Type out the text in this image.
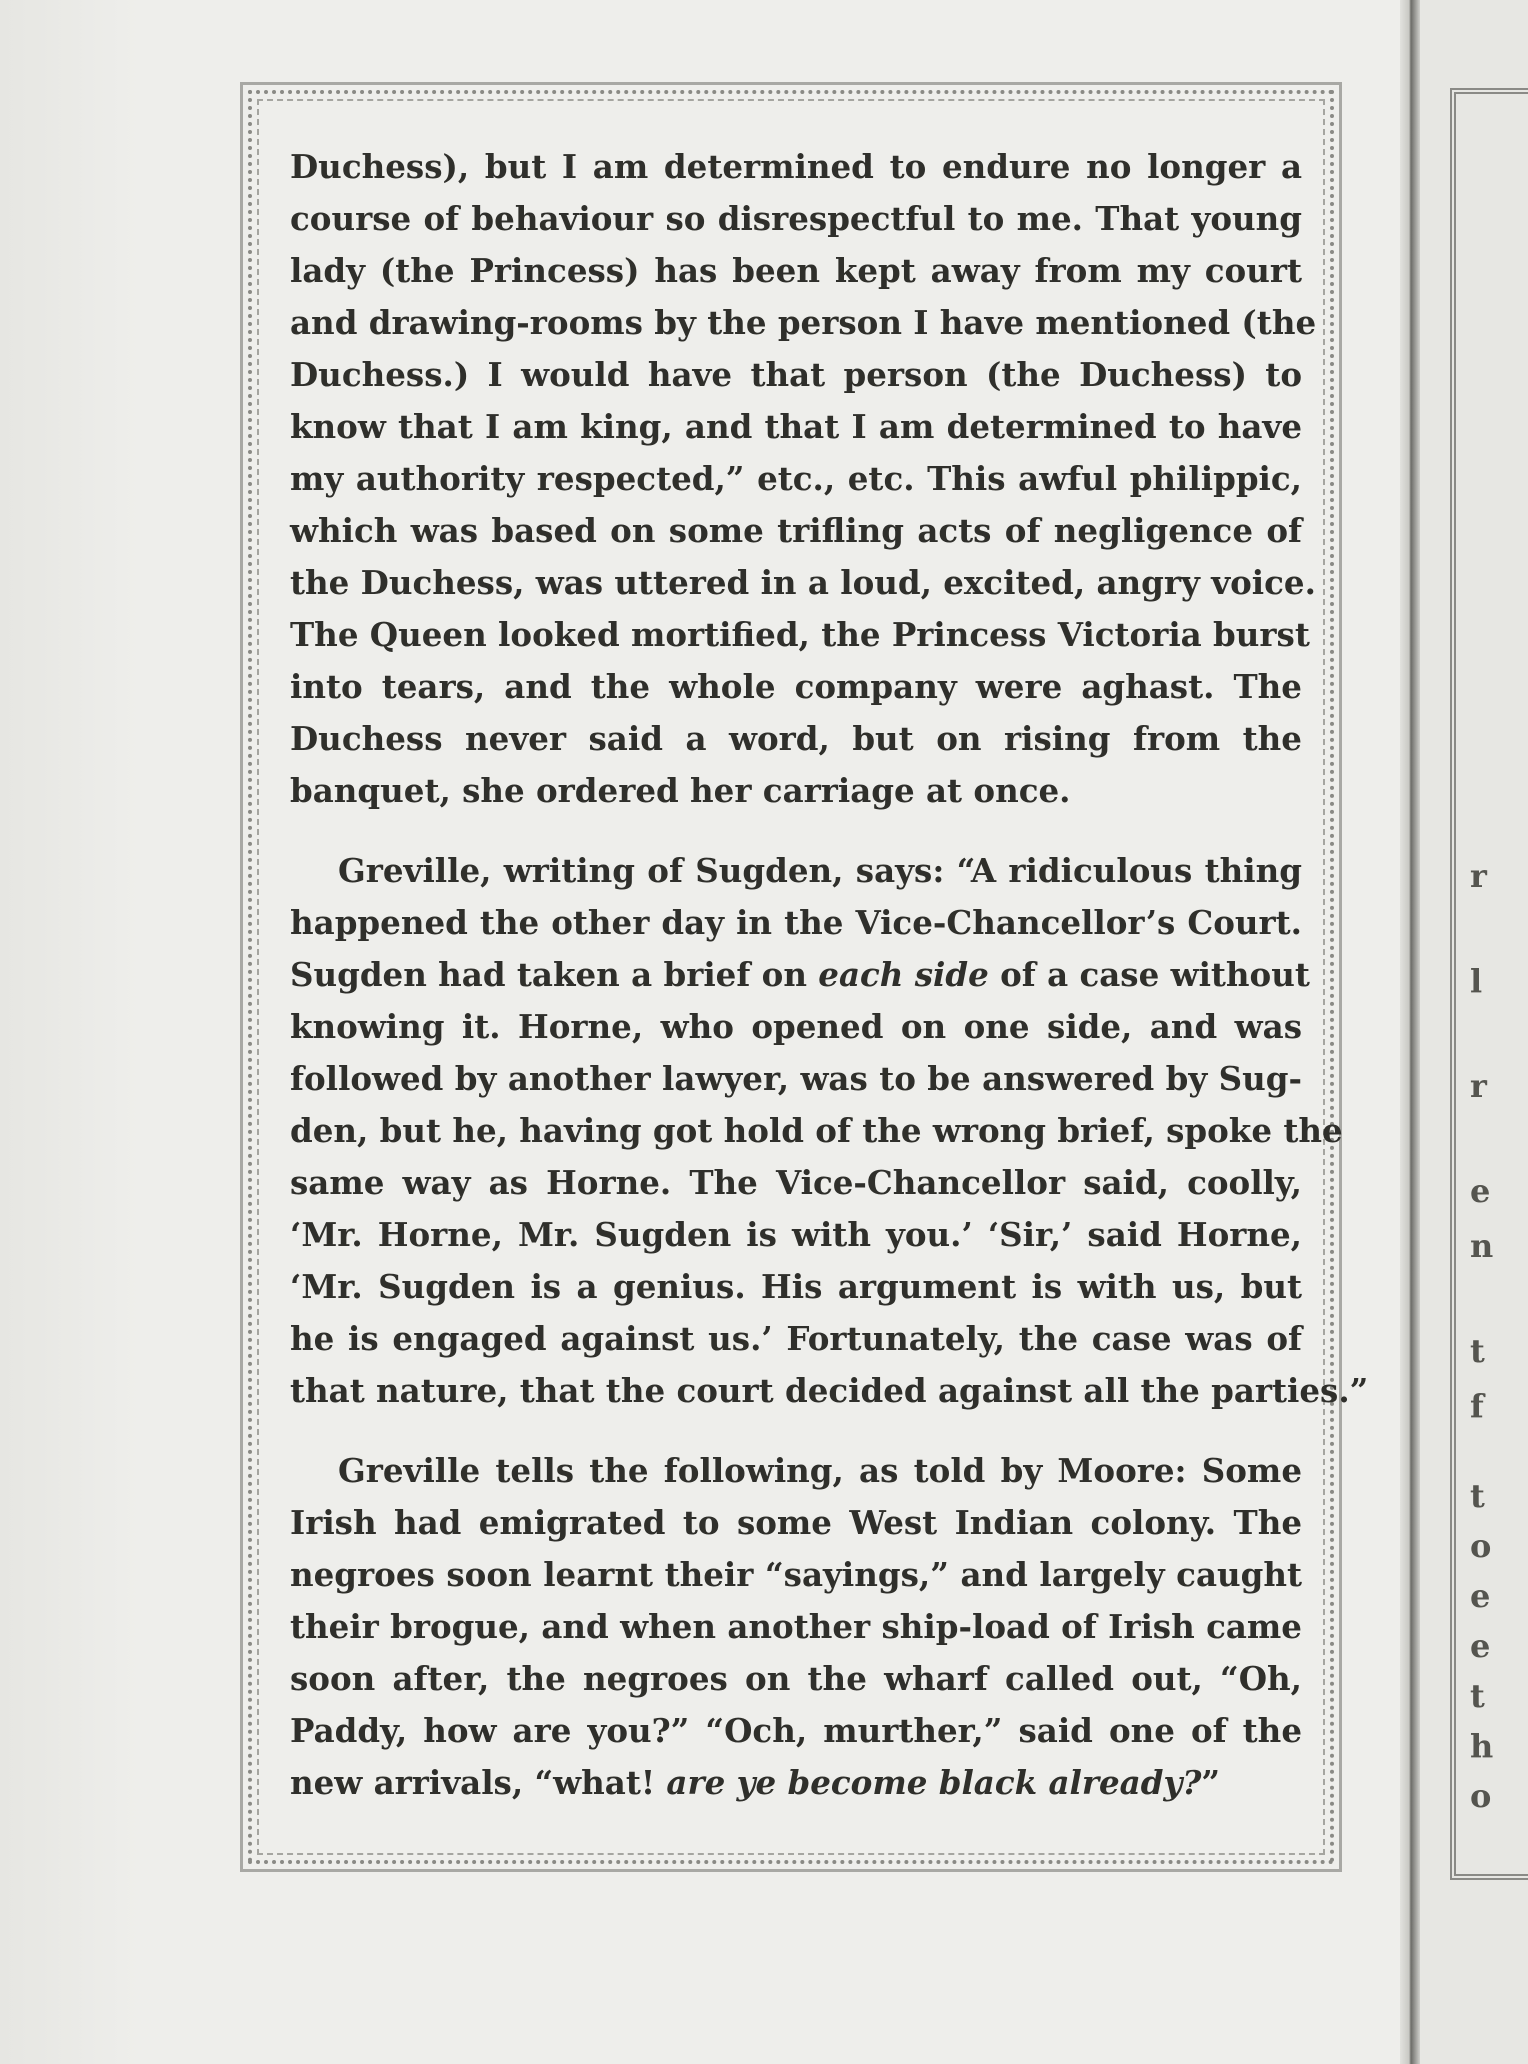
Duchess), but I am determined to endure no longer a
course of behaviour so disrespectful to me. That young
lady (the Princess) has been kept away from my court
and drawing-rooms by the person I have mentioned (the
Duchess.) I would have that person (the Duchess) to
know that I am king, and that I am determined to have
my authority respected,” etc., etc. This awful philippic,
which was based on some trifling acts of negligence of
the Duchess, was uttered in a loud, excited, angry voice.
The Queen looked mortified, the Princess Victoria burst
into tears, and the whole company were aghast. The
Duchess never said a word, but on rising from the
banquet, she ordered her carriage at once.
Greville, writing of Sugden, says: “A ridiculous thing
happened the other day in the Vice-Chancellor’s Court.
Sugden had taken a brief on each side of a case without
knowing it. Horne, who opened on one side, and was
followed by another lawyer, was to be answered by Sug-
den, but he, having got hold of the wrong brief, spoke the
same way as Horne. The Vice-Chancellor said, coolly,
‘Mr. Horne, Mr. Sugden is with you.’ ‘Sir,’ said Horne,
‘Mr. Sugden is a genius. His argument is with us, but
he is engaged against us.’ Fortunately, the case was of
that nature, that the court decided against all the parties.”
Greville tells the following, as told by Moore: Some
Irish had emigrated to some West Indian colony. The
negroes soon learnt their “sayings,” and largely caught
their brogue, and when another ship-load of Irish came
soon after, the negroes on the wharf called out, “Oh,
Paddy, how are you?” “Och, murther,” said one of the
new arrivals, “what! are ye become black already?”
r
l
r
e
n
t
f
t
o
e
e
t
h
o
